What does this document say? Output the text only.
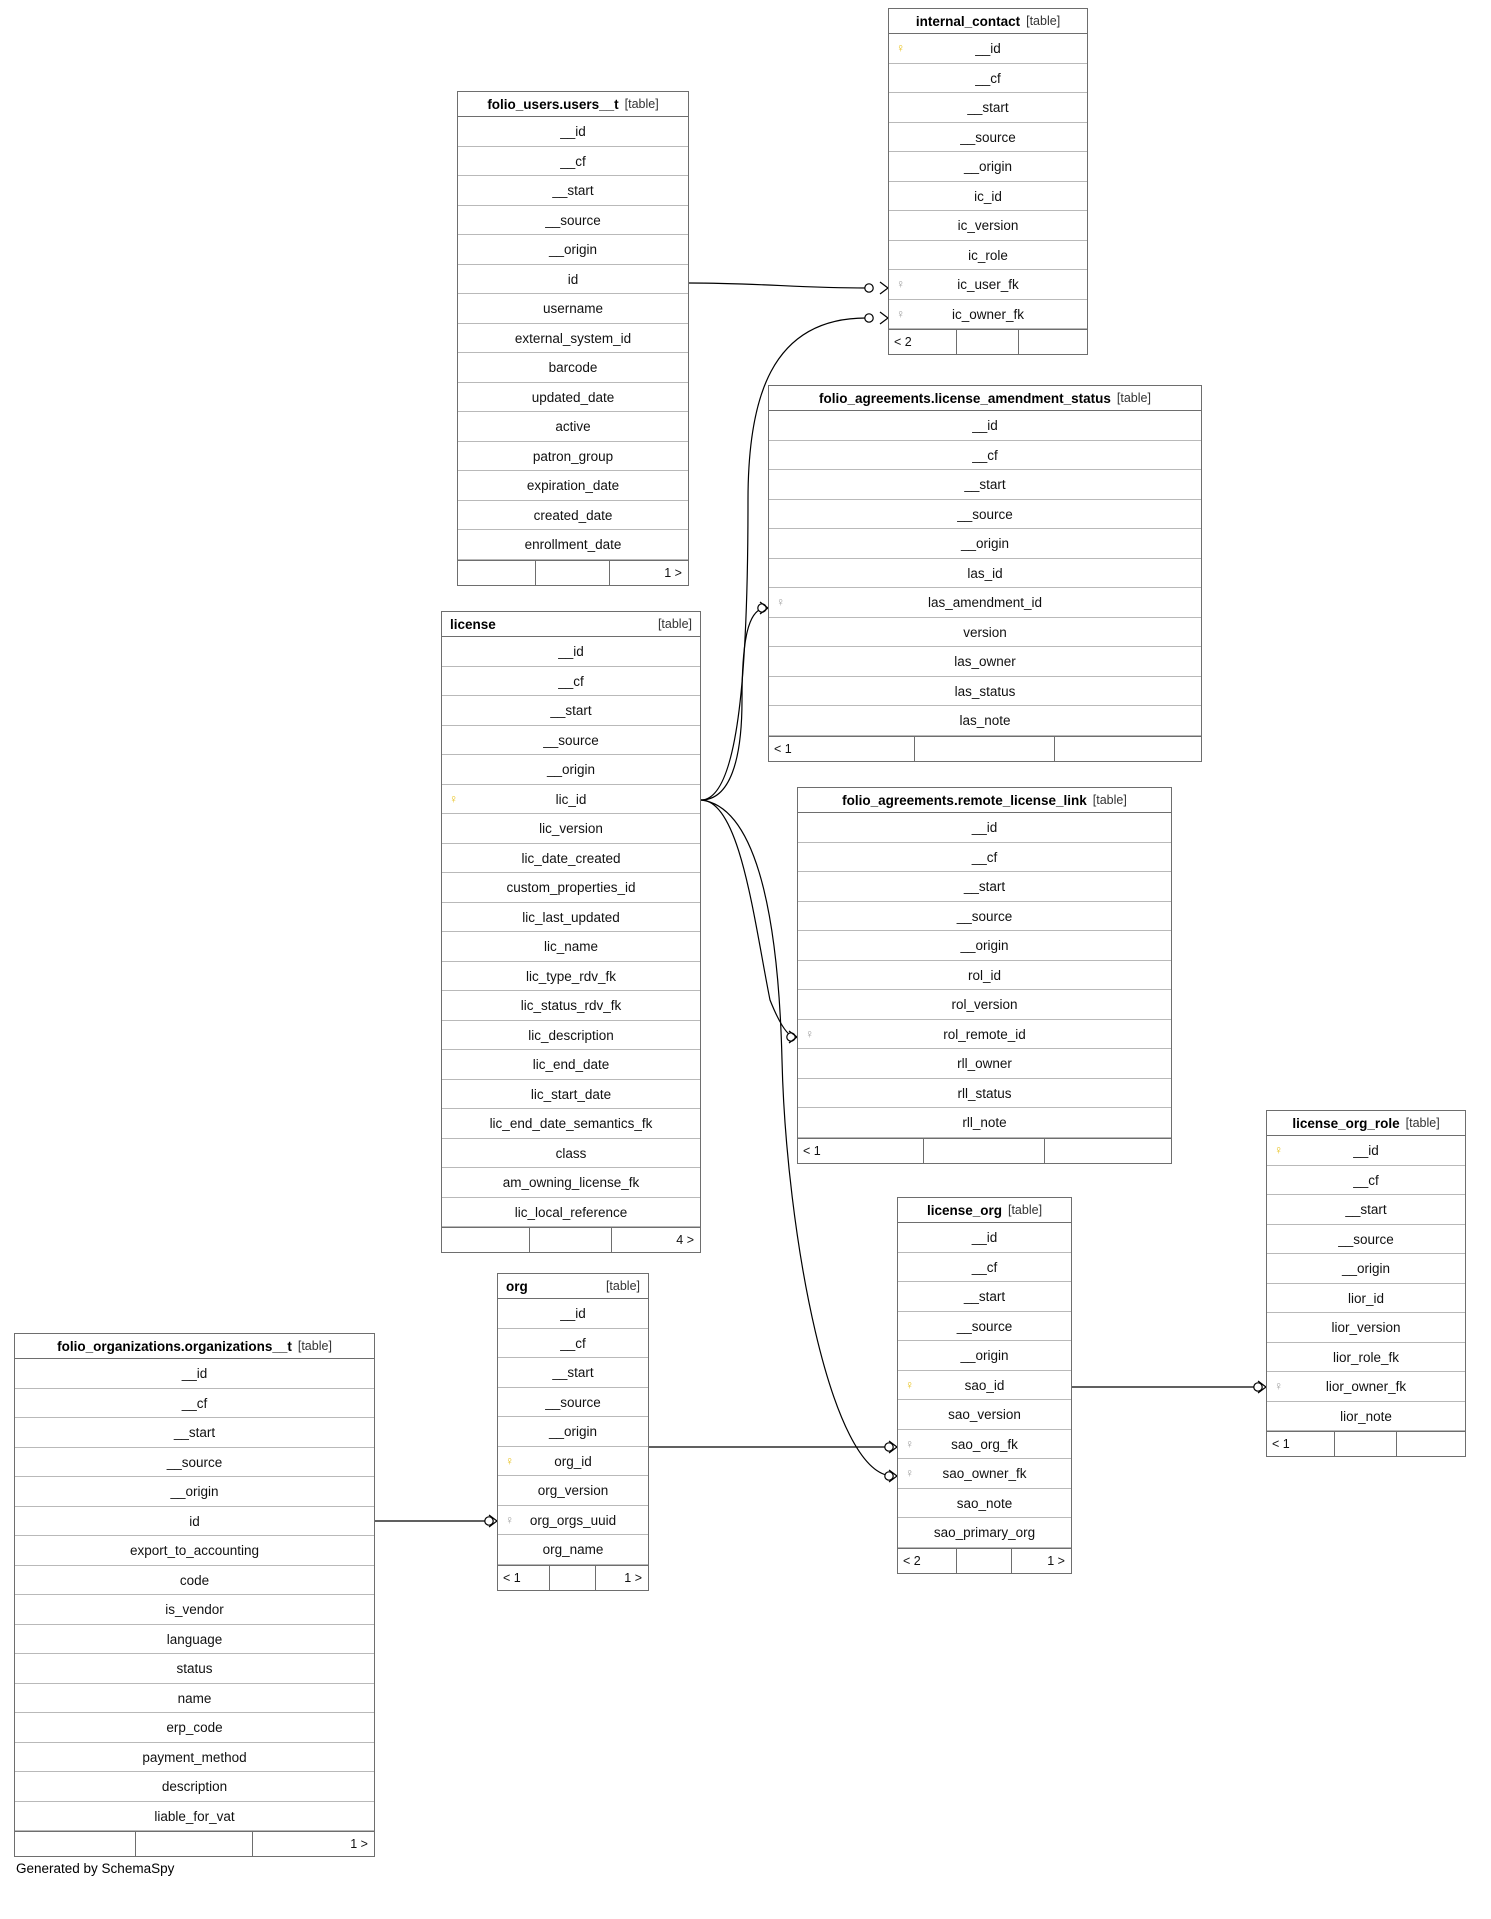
internal_contact [table]
♀	__id
__cf
__start
__source
__origin
ic_id
ic_version
ic_role
♀	ic_user_fk
♀	ic_owner_fk
< 2
folio_users.users__t [table]
__id
__cf
__start
__source
__origin
id
username
external_system_id
barcode
updated_date
active
patron_group
expiration_date
created_date
enrollment_date
1 >
folio_agreements.license_amendment_status [table]
__id
__cf
__start
__source
__origin
las_id
♀	las_amendment_id
version
las_owner
las_status
las_note
< 1
license	[table]
__id
__cf
__start
__source
__origin
♀	lic_id
lic_version
lic_date_created
custom_properties_id
lic_last_updated
lic_name
lic_type_rdv_fk
lic_status_rdv_fk
lic_description
lic_end_date
lic_start_date
lic_end_date_semantics_fk
class
am_owning_license_fk
lic_local_reference
4 >
folio_agreements.remote_license_link [table]
__id
__cf
__start
__source
__origin
rol_id
rol_version
♀	rol_remote_id
rll_owner
rll_status
rll_note
< 1
license_org_role [table]
♀	__id
__cf
__start
__source
__origin
lior_id
lior_version
lior_role_fk
♀	lior_owner_fk
lior_note
< 1
license_org [table]
__id
__cf
__start
__source
__origin
♀	sao_id
sao_version
♀	sao_org_fk
♀ sao_owner_fk
sao_note
sao_primary_org
< 2	1 >
org	[table]
__id
__cf
__start
__source
__origin
♀	org_id
org_version
♀ org_orgs_uuid
org_name
< 1	1 >
folio_organizations.organizations__t [table]
__id
__cf
__start
__source
__origin
id
export_to_accounting
code
is_vendor
language
status
name
erp_code
payment_method
description
liable_for_vat
1 >
Generated by SchemaSpy
